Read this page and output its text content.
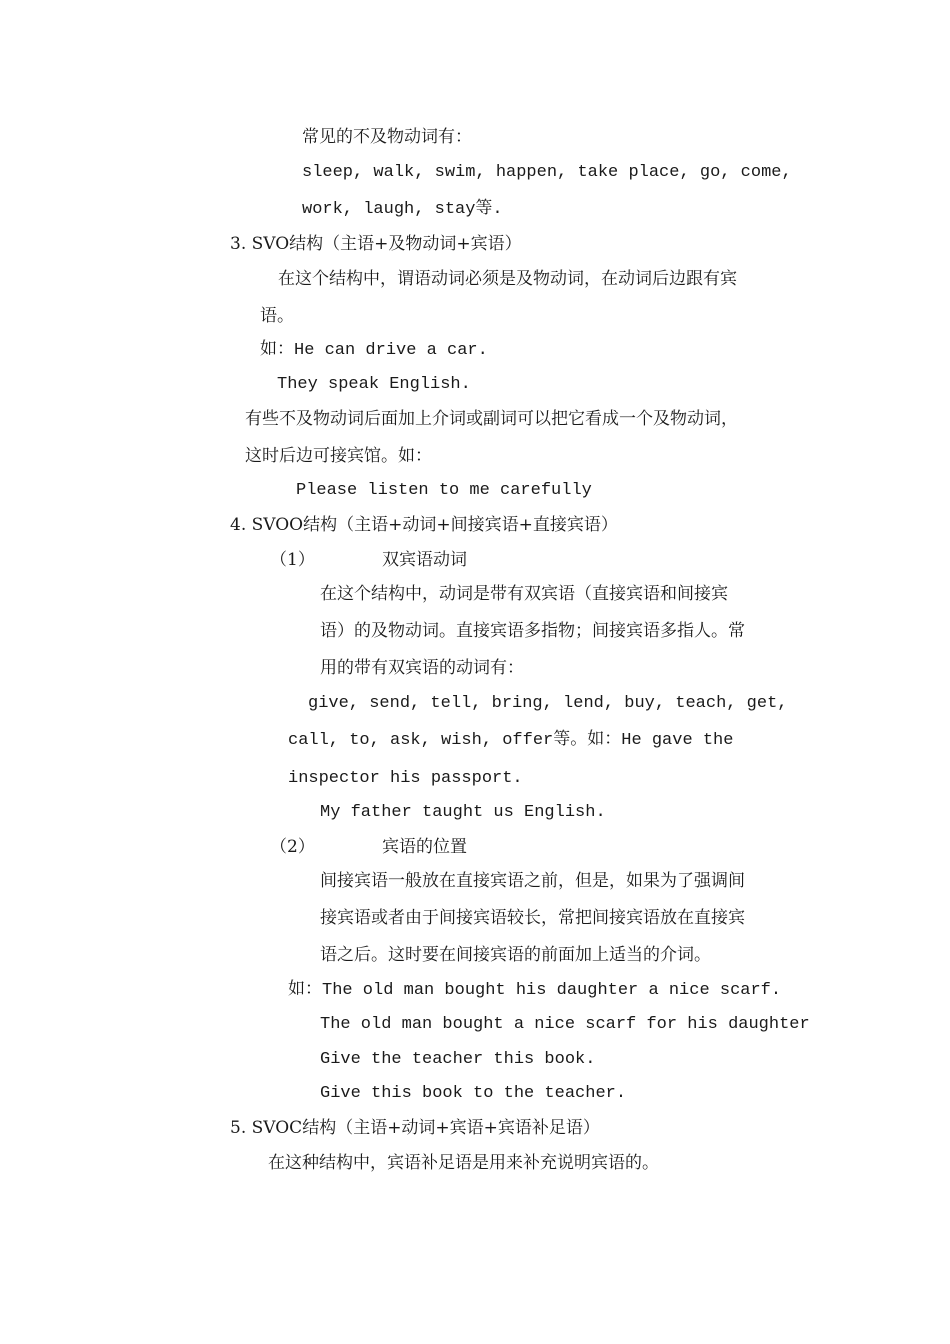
常见的不及物动词有：
sleep, walk, swim, happen, take place, go, come,
work, laugh, stay等.
3. SVO结构（主语+及物动词+宾语）
在这个结构中，谓语动词必须是及物动词，在动词后边跟有宾
语。
如：He can drive a car.
They speak English.
有些不及物动词后面加上介词或副词可以把它看成一个及物动词，
这时后边可接宾馆。如：
Please listen to me carefully
4. SVOO结构（主语+动词+间接宾语+直接宾语）
（1）	双宾语动词
在这个结构中，动词是带有双宾语（直接宾语和间接宾
语）的及物动词。直接宾语多指物；间接宾语多指人。常
用的带有双宾语的动词有：
give, send, tell, bring, lend, buy, teach, get,
call, to, ask, wish, offer等。如：He gave the
inspector his passport.
My father taught us English.
（2）	宾语的位置
间接宾语一般放在直接宾语之前，但是，如果为了强调间
接宾语或者由于间接宾语较长，常把间接宾语放在直接宾
语之后。这时要在间接宾语的前面加上适当的介词。
如：The old man bought his daughter a nice scarf.
The old man bought a nice scarf for his daughter
Give the teacher this book.
Give this book to the teacher.
5. SVOC结构（主语+动词+宾语+宾语补足语）
在这种结构中，宾语补足语是用来补充说明宾语的。
